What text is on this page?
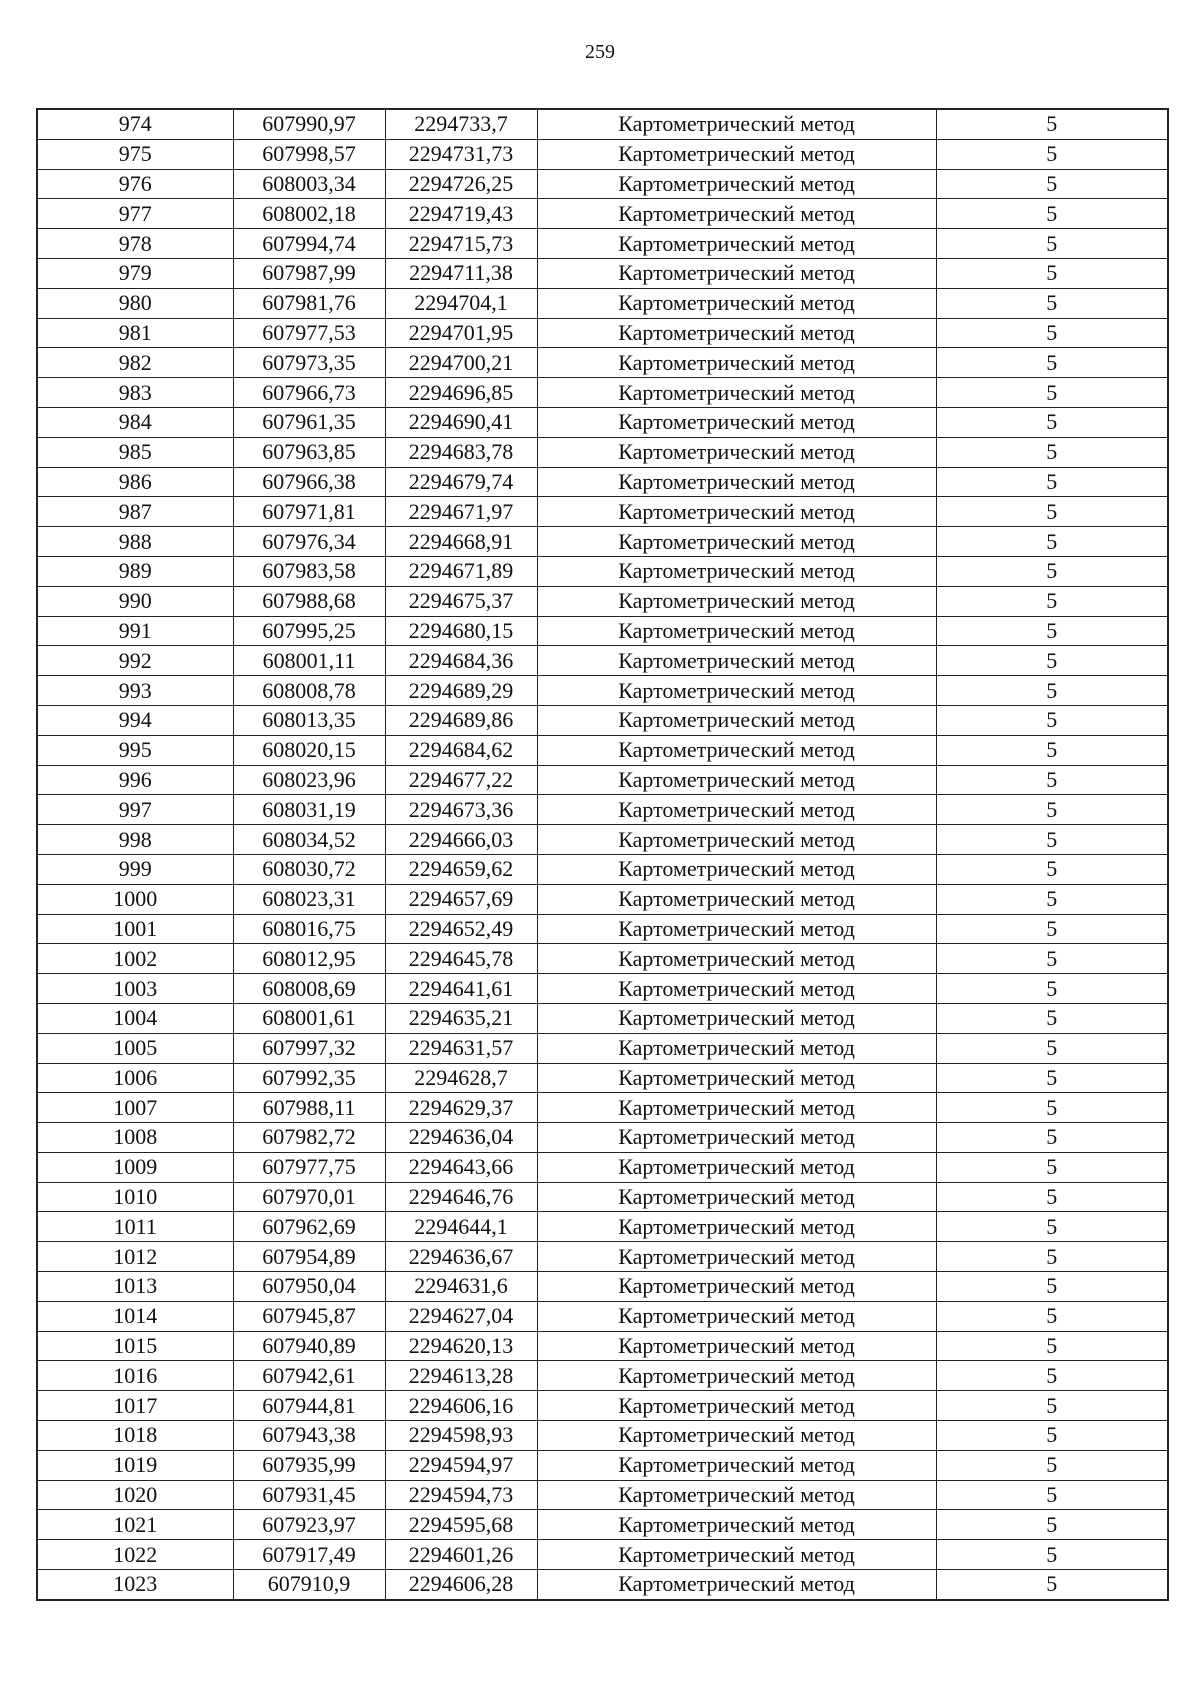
259
974	607990,97	2294733,7	Картометрический метод	5
975	607998,57	2294731,73	Картометрический метод	5
976	608003,34	2294726,25	Картометрический метод	5
977	608002,18	2294719,43	Картометрический метод	5
978	607994,74	2294715,73	Картометрический метод	5
979	607987,99	2294711,38	Картометрический метод	5
980	607981,76	2294704,1	Картометрический метод	5
981	607977,53	2294701,95	Картометрический метод	5
982	607973,35	2294700,21	Картометрический метод	5
983	607966,73	2294696,85	Картометрический метод	5
984	607961,35	2294690,41	Картометрический метод	5
985	607963,85	2294683,78	Картометрический метод	5
986	607966,38	2294679,74	Картометрический метод	5
987	607971,81	2294671,97	Картометрический метод	5
988	607976,34	2294668,91	Картометрический метод	5
989	607983,58	2294671,89	Картометрический метод	5
990	607988,68	2294675,37	Картометрический метод	5
991	607995,25	2294680,15	Картометрический метод	5
992	608001,11	2294684,36	Картометрический метод	5
993	608008,78	2294689,29	Картометрический метод	5
994	608013,35	2294689,86	Картометрический метод	5
995	608020,15	2294684,62	Картометрический метод	5
996	608023,96	2294677,22	Картометрический метод	5
997	608031,19	2294673,36	Картометрический метод	5
998	608034,52	2294666,03	Картометрический метод	5
999	608030,72	2294659,62	Картометрический метод	5
1000	608023,31	2294657,69	Картометрический метод	5
1001	608016,75	2294652,49	Картометрический метод	5
1002	608012,95	2294645,78	Картометрический метод	5
1003	608008,69	2294641,61	Картометрический метод	5
1004	608001,61	2294635,21	Картометрический метод	5
1005	607997,32	2294631,57	Картометрический метод	5
1006	607992,35	2294628,7	Картометрический метод	5
1007	607988,11	2294629,37	Картометрический метод	5
1008	607982,72	2294636,04	Картометрический метод	5
1009	607977,75	2294643,66	Картометрический метод	5
1010	607970,01	2294646,76	Картометрический метод	5
1011	607962,69	2294644,1	Картометрический метод	5
1012	607954,89	2294636,67	Картометрический метод	5
1013	607950,04	2294631,6	Картометрический метод	5
1014	607945,87	2294627,04	Картометрический метод	5
1015	607940,89	2294620,13	Картометрический метод	5
1016	607942,61	2294613,28	Картометрический метод	5
1017	607944,81	2294606,16	Картометрический метод	5
1018	607943,38	2294598,93	Картометрический метод	5
1019	607935,99	2294594,97	Картометрический метод	5
1020	607931,45	2294594,73	Картометрический метод	5
1021	607923,97	2294595,68	Картометрический метод	5
1022	607917,49	2294601,26	Картометрический метод	5
1023	607910,9	2294606,28	Картометрический метод	5
